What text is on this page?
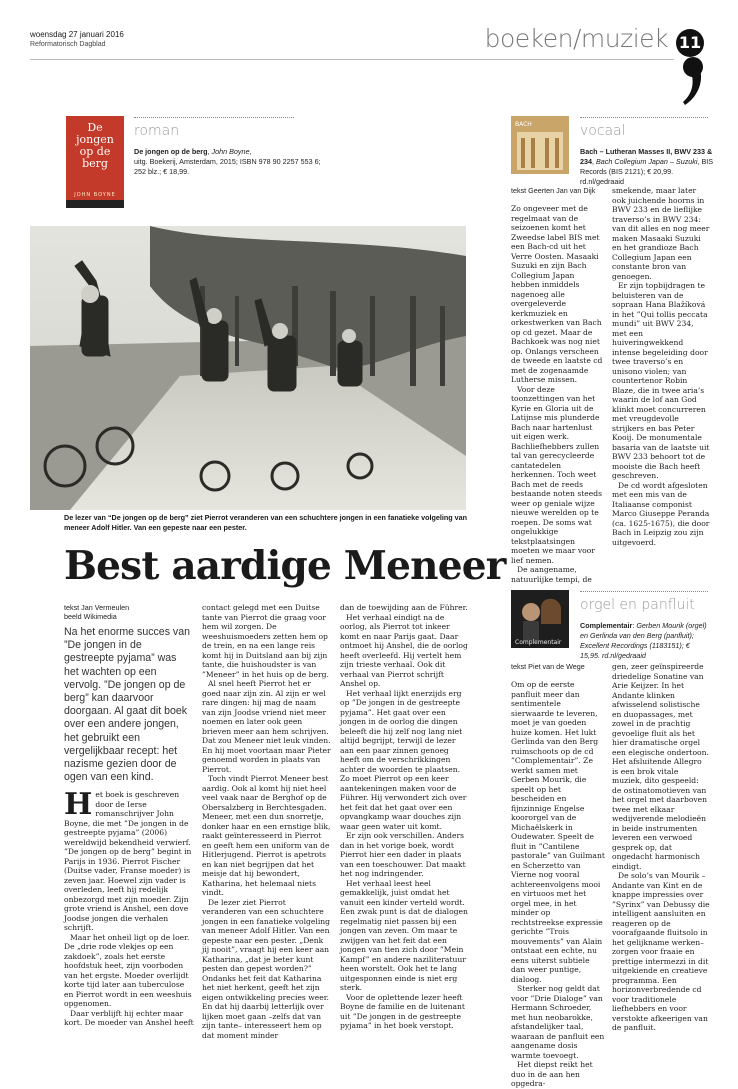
woensdag 27 januari 2016
Reformatorisch Dagblad	boeken/muziek 11
De
jongen
op de
berg
JOHN BOYNE
roman
De jongen op de berg, John Boyne,
uitg. Boekerij, Amsterdam, 2015; ISBN 978 90 2257 553 6;
252 blz.; € 18,99.
De lezer van “De jongen op de berg” ziet Pierrot veranderen van een schuchtere jongen in een fanatieke volgeling van meneer Adolf Hitler. Van een gepeste naar een pester.
Best aardige Meneer
tekst Jan Vermeulen
beeld Wikimedia
Na het enorme succes van ”De jongen in de gestreepte pyjama” was het wachten op een vervolg. ”De jongen op de berg” kan daarvoor doorgaan. Al gaat dit boek over een andere jongen, het gebruikt een vergelijkbaar recept: het nazisme gezien door de ogen van een kind.
H et boek is geschreven door de Ierse romanschrijver John Boyne, die met ”De jongen in de gestreepte pyjama” (2006) wereldwijd bekendheid verwierf. ”De jongen op de berg” begint in Parijs in 1936. Pierrot Fischer (Duitse vader, Franse moeder) is zeven jaar. Hoewel zijn vader is overleden, leeft hij redelijk onbezorgd met zijn moeder. Zijn grote vriend is Anshel, een dove Joodse jongen die verhalen schrijft.

Maar het onheil ligt op de loer. De „drie rode vlekjes op een zakdoek”, zoals het eerste hoofdstuk heet, zijn voorboden van het ergste. Moeder overlijdt korte tijd later aan tuberculose en Pierrot wordt in een weeshuis opgenomen.

Daar verblijft hij echter maar kort. De moeder van Anshel heeft

contact gelegd met een Duitse tante van Pierrot die graag voor hem wil zorgen. De weeshuismoeders zetten hem op de trein, en na een lange reis komt hij in Duitsland aan bij zijn tante, die huishoudster is van ”Meneer” in het huis op de berg.

Al snel heeft Pierrot het er goed naar zijn zin. Al zijn er wel rare dingen: hij mag de naam van zijn Joodse vriend niet meer noemen en later ook geen brieven meer aan hem schrijven. Dat zou Meneer niet leuk vinden. En hij moet voortaan maar Pieter genoemd worden in plaats van Pierrot.

Toch vindt Pierrot Meneer best aardig. Ook al komt hij niet heel veel vaak naar de Berghof op de Obersalzberg in Berchtesgaden. Meneer, met een dun snorretje, donker haar en een ernstige blik, raakt geïnteresseerd in Pierrot en geeft hem een uniform van de Hitlerjugend. Pierrot is apetrots en kan niet begrijpen dat het meisje dat hij bewondert, Katharina, het helemaal niets vindt.

De lezer ziet Pierrot veranderen van een schuchtere jongen in een fanatieke volgeling van meneer Adolf Hitler. Van een gepeste naar een pester. „Denk jij nooit”, vraagt hij een keer aan Katharina, „dat je beter kunt pesten dan gepest worden?” Ondanks het feit dat Katharina het niet herkent, geeft het zijn eigen ontwikkeling precies weer. En dat hij daarbij letterlijk over lijken moet gaan –zelfs dat van zijn tante– interesseert hem op dat moment minder

dan de toewijding aan de Führer.

Het verhaal eindigt na de oorlog, als Pierrot tot inkeer komt en naar Parijs gaat. Daar ontmoet hij Anshel, die de oorlog heeft overleefd. Hij vertelt hem zijn trieste verhaal. Ook dit verhaal van Pierrot schrijft Anshel op.

Het verhaal lijkt enerzijds erg op ”De jongen in de gestreepte pyjama”. Het gaat over een jongen in de oorlog die dingen beleeft die hij zelf nog lang niet altijd begrijpt, terwijl de lezer aan een paar zinnen genoeg heeft om de verschrikkingen achter de woorden te plaatsen. Zo moet Pierrot op een keer aantekeningen maken voor de Führer. Hij verwondert zich over het feit dat het gaat over een opvangkamp waar douches zijn waar geen water uit komt.

Er zijn ook verschillen. Anders dan in het vorige boek, wordt Pierrot hier een dader in plaats van een toeschouwer. Dat maakt het nog indringender.

Het verhaal leest heel gemakkelijk, juist omdat het vanuit een kinder verteld wordt. Een zwak punt is dat de dialogen regelmatig niet passen bij een jongen van zeven. Om maar te zwijgen van het feit dat een jongen van tien zich door ”Mein Kampf” en andere naziliteratuur heen worstelt. Ook het te lang uitgesponnen einde is niet erg sterk.

Voor de oplettende lezer heeft Boyne de familie en de luitenant uit ”De jongen in de gestreepte pyjama” in het boek verstopt.

BACH	vocaal
Bach – Lutheran Masses II, BWV 233 & 234, Bach Collegium Japan – Suzuki, BIS Records (BIS 2121); € 20,99. rd.nl/gedraaid
tekst Geerten Jan van Dijk

Zo ongeveer met de regelmaat van de seizoenen komt het Zweedse label BIS met een Bach-cd uit het Verre Oosten. Masaaki Suzuki en zijn Bach Collegium Japan hebben inmiddels nagenoeg alle overgeleverde kerkmuziek en orkestwerken van Bach op cd gezet. Maar de Bachkoek was nog niet op. Onlangs verscheen de tweede en laatste cd met de zogenaamde Lutherse missen.

Voor deze toonzettingen van het Kyrie en Gloria uit de Latijnse mis plunderde Bach naar hartenlust uit eigen werk. Bachliefhebbers zullen tal van gerecycleerde cantatedelen herkennen. Toch weet Bach met de reeds bestaande noten steeds weer op geniale wijze nieuwe werelden op te roepen. De soms wat ongelukkige tekstplaatsingen moeten we maar voor lief nemen.

De aangename, natuurlijke tempi, de

smekende, maar later ook juichende hoorns in BWV 233 en de lieflijke traverso’s in BWV 234: van dit alles en nog meer maken Masaaki Suzuki en het grandioze Bach Collegium Japan een constante bron van genoegen.

Er zijn topbijdragen te beluisteren van de sopraan Hana Blažíková in het ”Qui tollis peccata mundi” uit BWV 234, met een huiveringwekkend intense begeleiding door twee traverso’s en unisono violen; van countertenor Robin Blaze, die in twee aria’s waarin de lof aan God klinkt moet concurreren met vreugdevolle strijkers en bas Peter Kooij. De monumentale basaria van de laatste uit BWV 233 behoort tot de mooiste die Bach heeft geschreven.

De cd wordt afgesloten met een mis van de Italiaanse componist Marco Giuseppe Peranda (ca. 1625-1675), die door Bach in Leipzig zou zijn uitgevoerd.

Complementair
orgel en panfluit
Complementair: Gerben Mourik (orgel) en Gerlinda van den Berg (panfluit); Excellent Recordings (1183151); € 15,95. rd.nl/gedraaid
tekst Piet van de Wege

Om op de eerste panfluit meer dan sentimentele sierwaarde te leveren, moet je van goeden huize komen. Het lukt Gerlinda van den Berg ruimschoots op de cd ”Complementair”. Ze werkt samen met Gerben Mourik, die speelt op het bescheiden en fijnzinnige Engelse koororgel van de Michaëlskerk in Oudewater. Speelt de fluit in ”Cantilene pastorale” van Guilmant en Scherzetto van Vierne nog vooral achtereenvolgens mooi en virtuoos met het orgel mee, in het minder op rechtstreekse expressie gerichte ”Trois mouvements” van Alain ontstaat een echte, nu eens uiterst subtiele dan weer puntige, dialoog.

Sterker nog geldt dat voor ”Drie Dialoge” van Hermann Schroeder, met hun neobarokke, afstandelijker taal, waaraan de panfluit een aangename dosis warmte toevoegt.

Het diepst reikt het duo in de aan hen opgedra-

gen, zeer geïnspireerde driedelige Sonatine van Arie Keijzer. In het Andante klinken afwisselend solistische en duopassages, met zowel in de prachtig gevoelige fluit als het hier dramatische orgel een elegische ondertoon. Het afsluitende Allegro is een brok vitale muziek, dito gespeeld: de ostinatomotieven van het orgel met daarboven twee met elkaar wedijverende melodieën in beide instrumenten leveren een verwoed gesprek op, dat ongedacht harmonisch eindigt.

De solo’s van Mourik –Andante van Kint en de knappe impressies over ”Syrinx” van Debussy die intelligent aansluiten en reageren op de voorafgaande fluitsolo in het geliјkname werken– zorgen voor fraaie en prettige intermezzi in dit uitgekiende en creatieve programma. Een horizonverbredende cd voor traditionele liefhebbers en voor verstokte afkeerigen van de panfluit.
